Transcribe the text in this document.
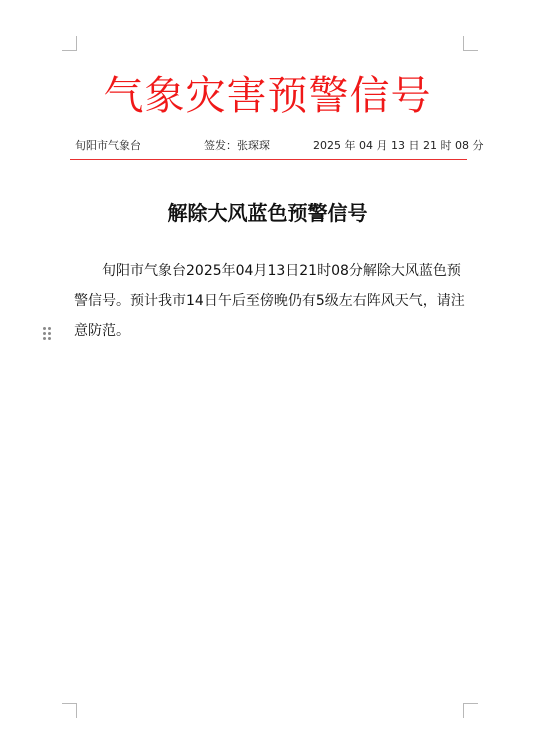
气象灾害预警信号
旬阳市气象台	签发：张琛琛	2025 年 04 月 13 日 21 时 08 分
解除大风蓝色预警信号
旬阳市气象台2025年04月13日21时08分解除大风蓝色预警信号。预计我市14日午后至傍晚仍有5级左右阵风天气，请注意防范。
